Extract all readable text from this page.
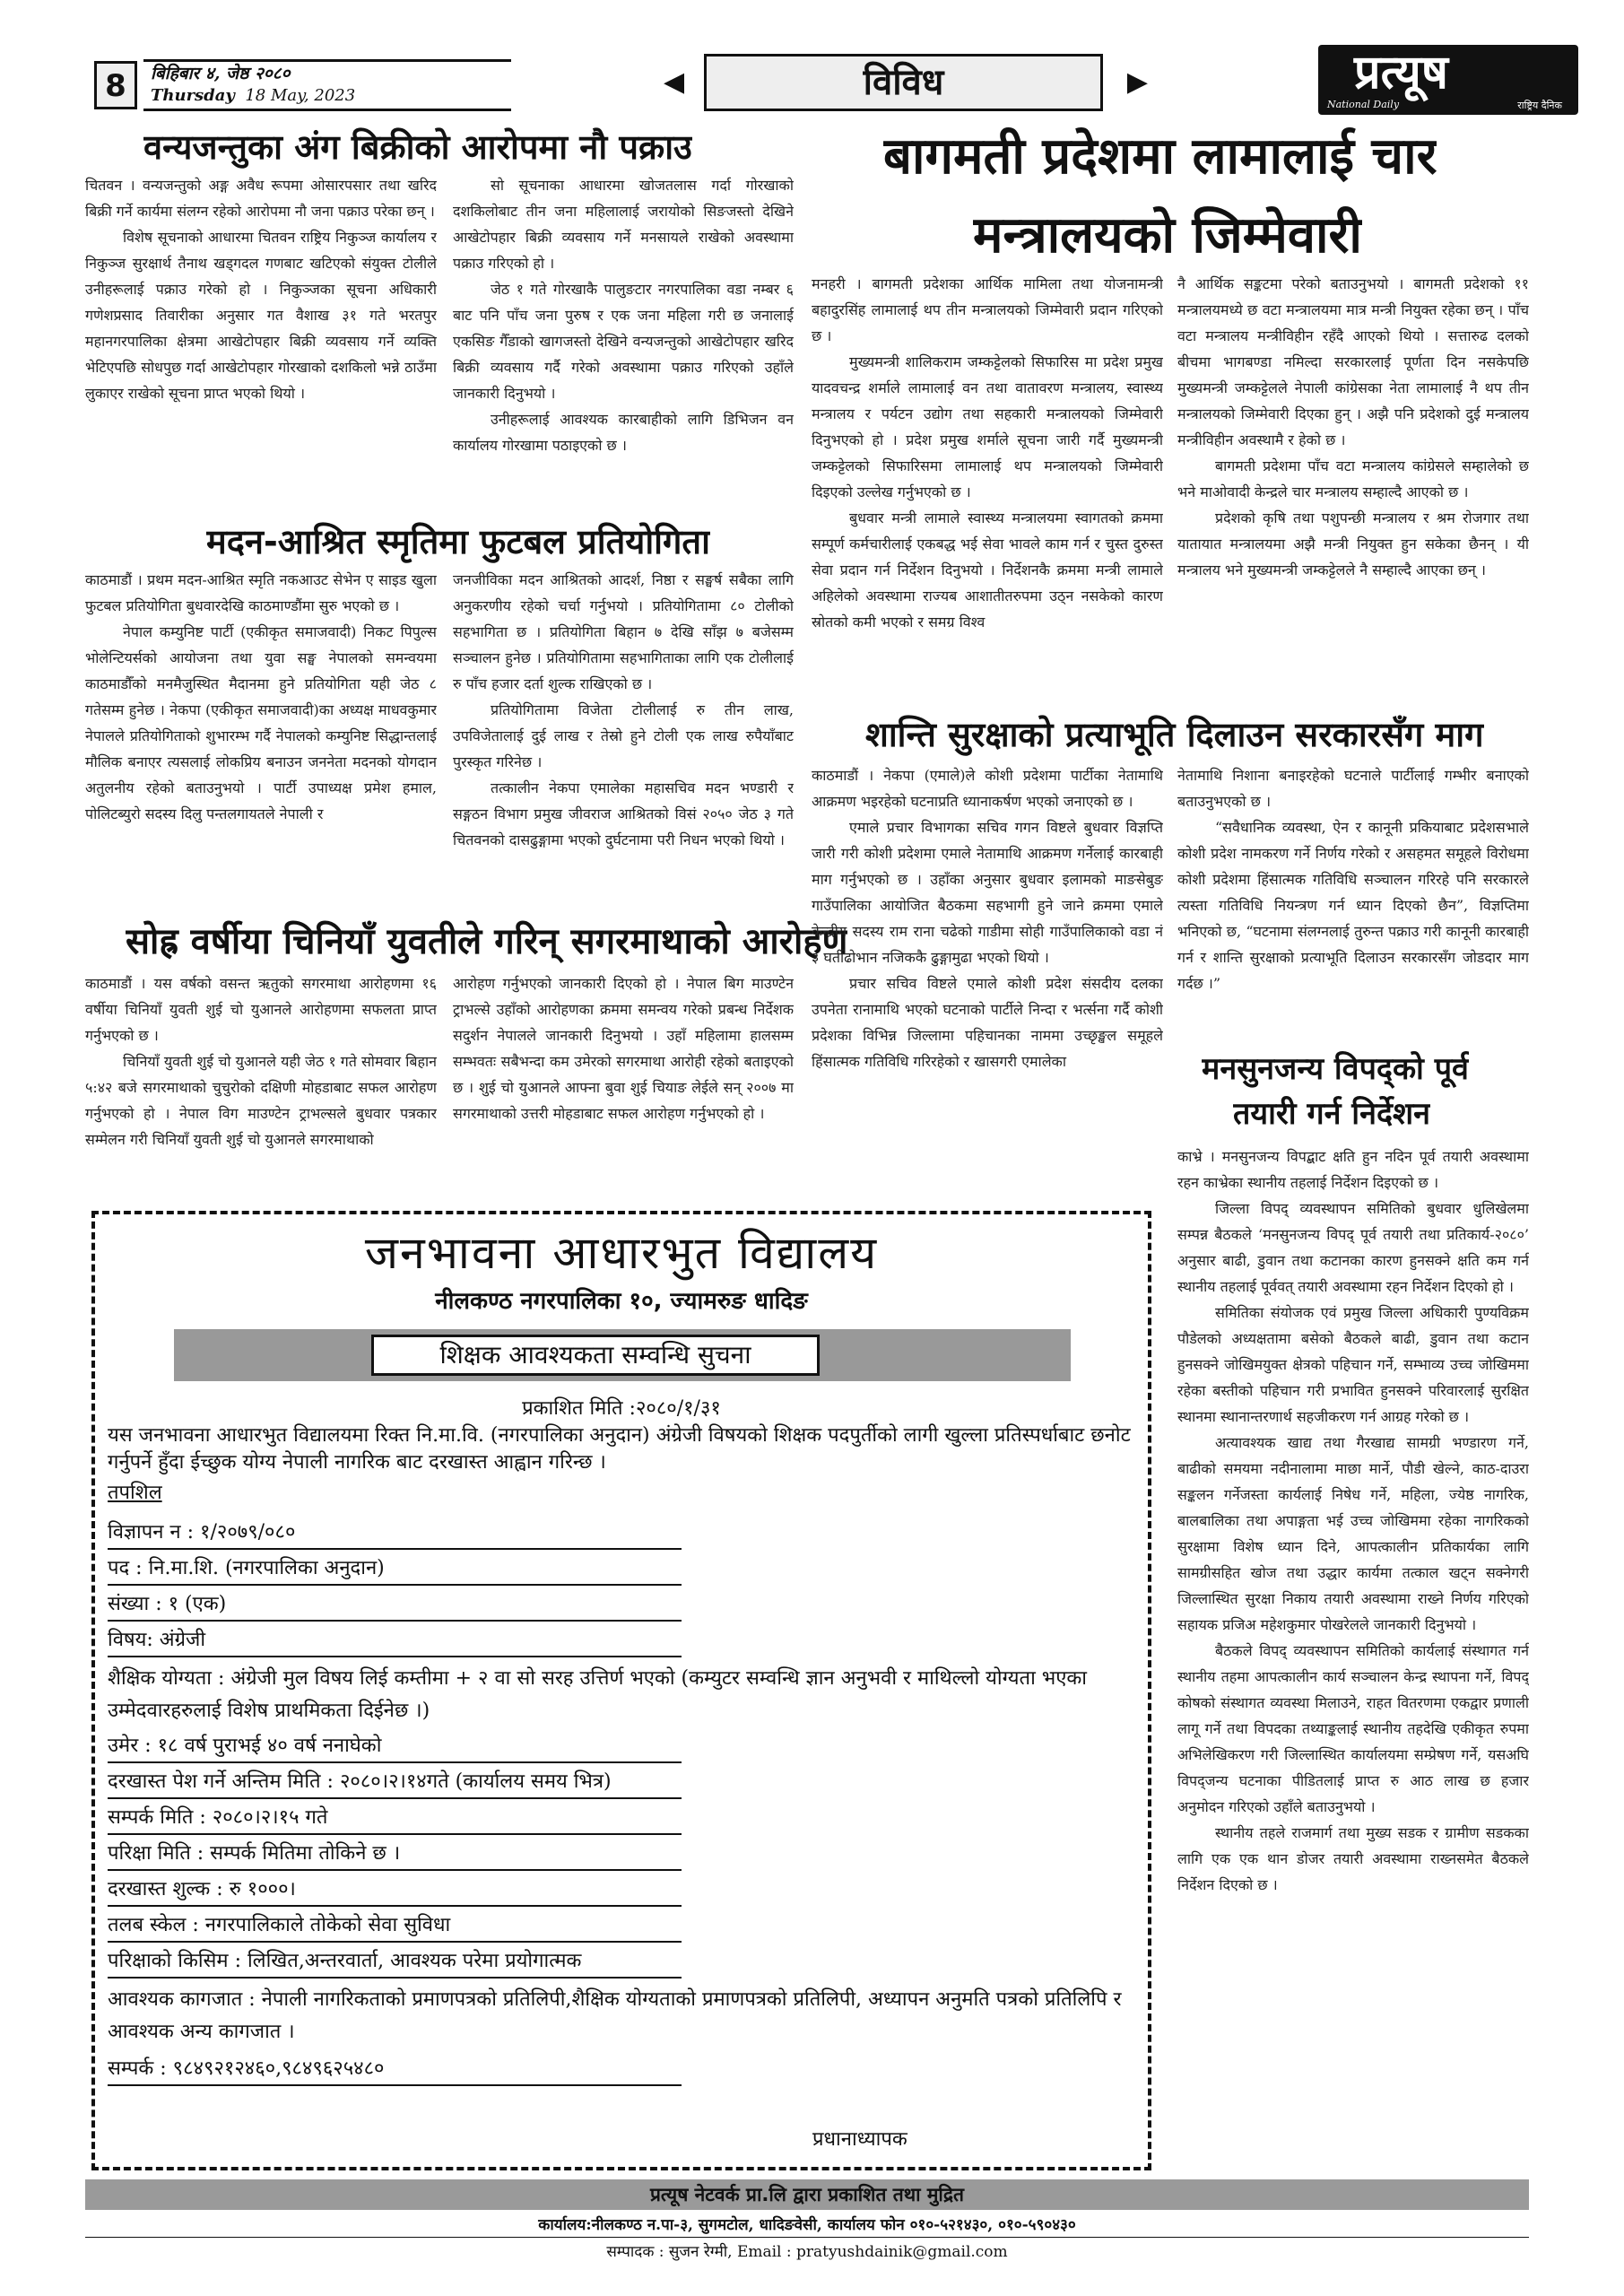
8	बिहिबार ४, जेष्ठ २०८०
Thursday 18 May, 2023	◀	विविध	▶	प्रत्यूष
National Daily	राष्ट्रिय दैनिक
वन्यजन्तुका अंग बिक्रीको आरोपमा नौ पक्राउ
चितवन । वन्यजन्तुको अङ्ग अवैध रूपमा ओसारपसार तथा खरिद बिक्री गर्ने कार्यमा संलग्न रहेको आरोपमा नौ जना पक्राउ परेका छन् ।
विशेष सूचनाको आधारमा चितवन राष्ट्रिय निकुञ्ज कार्यालय र निकुञ्ज सुरक्षार्थ तैनाथ खड्गदल गणबाट खटिएको संयुक्त टोलीले उनीहरूलाई पक्राउ गरेको हो । निकुञ्जका सूचना अधिकारी गणेशप्रसाद तिवारीका अनुसार गत वैशाख ३१ गते भरतपुर महानगरपालिका क्षेत्रमा आखेटोपहार बिक्री व्यवसाय गर्ने व्यक्ति भेटिएपछि सोधपुछ गर्दा आखेटोपहार गोरखाको दशकिलो भन्ने ठाउँमा लुकाएर राखेको सूचना प्राप्त भएको थियो ।
सो सूचनाका आधारमा खोजतलास गर्दा गोरखाको दशकिलोबाट तीन जना महिलालाई जरायोको सिङजस्तो देखिने आखेटोपहार बिक्री व्यवसाय गर्ने मनसायले राखेको अवस्थामा पक्राउ गरिएको हो ।
जेठ १ गते गोरखाकै पालुङटार नगरपालिका वडा नम्बर ६ बाट पनि पाँच जना पुरुष र एक जना महिला गरी छ जनालाई एकसिङ गैँडाको खागजस्तो देखिने वन्यजन्तुको आखेटोपहार खरिद बिक्री व्यवसाय गर्दै गरेको अवस्थामा पक्राउ गरिएको उहाँले जानकारी दिनुभयो ।
उनीहरूलाई आवश्यक कारबाहीको लागि डिभिजन वन कार्यालय गोरखामा पठाइएको छ ।
मदन-आश्रित स्मृतिमा फुटबल प्रतियोगिता
काठमाडौं । प्रथम मदन-आश्रित स्मृति नकआउट सेभेन ए साइड खुला फुटबल प्रतियोगिता बुधवारदेखि काठमाण्डौंमा सुरु भएको छ ।
नेपाल कम्युनिष्ट पार्टी (एकीकृत समाजवादी) निकट पिपुल्स भोलेन्टियर्सको आयोजना तथा युवा सङ्घ नेपालको समन्वयमा काठमाडौँको मनमैजुस्थित मैदानमा हुने प्रतियोगिता यही जेठ ८ गतेसम्म हुनेछ । नेकपा (एकीकृत समाजवादी)का अध्यक्ष माधवकुमार नेपालले प्रतियोगिताको शुभारम्भ गर्दै नेपालको कम्युनिष्ट सिद्धान्तलाई मौलिक बनाएर त्यसलाई लोकप्रिय बनाउन जननेता मदनको योगदान अतुलनीय रहेको बताउनुभयो । पार्टी उपाध्यक्ष प्रमेश हमाल, पोलिटब्युरो सदस्य दिलु पन्तलगायतले नेपाली र
जनजीविका मदन आश्रितको आदर्श, निष्ठा र सङ्घर्ष सबैका लागि अनुकरणीय रहेको चर्चा गर्नुभयो । प्रतियोगितामा ८० टोलीको सहभागिता छ । प्रतियोगिता बिहान ७ देखि साँझ ७ बजेसम्म सञ्चालन हुनेछ । प्रतियोगितामा सहभागिताका लागि एक टोलीलाई रु पाँच हजार दर्ता शुल्क राखिएको छ ।
प्रतियोगितामा विजेता टोलीलाई रु तीन लाख, उपविजेतालाई दुई लाख र तेस्रो हुने टोली एक लाख रुपैयाँबाट पुरस्कृत गरिनेछ ।
तत्कालीन नेकपा एमालेका महासचिव मदन भण्डारी र सङ्गठन विभाग प्रमुख जीवराज आश्रितको विसं २०५० जेठ ३ गते चितवनको दासढुङ्गामा भएको दुर्घटनामा परी निधन भएको थियो ।
सोह्र वर्षीया चिनियाँ युवतीले गरिन् सगरमाथाको आरोहण
काठमाडौं । यस वर्षको वसन्त ऋतुको सगरमाथा आरोहणमा १६ वर्षीया चिनियाँ युवती शुई चो युआनले आरोहणमा सफलता प्राप्त गर्नुभएको छ ।
चिनियाँ युवती शुई चो युआनले यही जेठ १ गते सोमवार बिहान ५:४२ बजे सगरमाथाको चुचुरोको दक्षिणी मोहडाबाट सफल आरोहण गर्नुभएको हो । नेपाल विग माउण्टेन ट्राभल्सले बुधवार पत्रकार सम्मेलन गरी चिनियाँ युवती शुई चो युआनले सगरमाथाको
आरोहण गर्नुभएको जानकारी दिएको हो । नेपाल बिग माउण्टेन ट्राभल्से उहाँको आरोहणका क्रममा समन्वय गरेको प्रबन्ध निर्देशक सदुर्शन नेपालले जानकारी दिनुभयो । उहाँ महिलामा हालसम्म सम्भवतः सबैभन्दा कम उमेरको सगरमाथा आरोही रहेको बताइएको छ । शुई चो युआनले आफ्ना बुवा शुई चियाङ लेईले सन् २००७ मा सगरमाथाको उत्तरी मोहडाबाट सफल आरोहण गर्नुभएको हो ।
बागमती प्रदेशमा लामालाई चार
मन्त्रालयको जिम्मेवारी
मनहरी । बागमती प्रदेशका आर्थिक मामिला तथा योजनामन्त्री बहादुरसिंह लामालाई थप तीन मन्त्रालयको जिम्मेवारी प्रदान गरिएको छ ।
मुख्यमन्त्री शालिकराम जम्कट्टेलको सिफारिस मा प्रदेश प्रमुख यादवचन्द्र शर्माले लामालाई वन तथा वातावरण मन्त्रालय, स्वास्थ्य मन्त्रालय र पर्यटन उद्योग तथा सहकारी मन्त्रालयको जिम्मेवारी दिनुभएको हो । प्रदेश प्रमुख शर्माले सूचना जारी गर्दै मुख्यमन्त्री जम्कट्टेलको सिफारिसमा लामालाई थप मन्त्रालयको जिम्मेवारी दिइएको उल्लेख गर्नुभएको छ ।
बुधवार मन्त्री लामाले स्वास्थ्य मन्त्रालयमा स्वागतको क्रममा सम्पूर्ण कर्मचारीलाई एकबद्ध भई सेवा भावले काम गर्न र चुस्त दुरुस्त सेवा प्रदान गर्न निर्देशन दिनुभयो । निर्देशनकै क्रममा मन्त्री लामाले अहिलेको अवस्थामा राज्यब आशातीतरुपमा उठ्न नसकेको कारण स्रोतको कमी भएको र समग्र विश्व
नै आर्थिक सङ्कटमा परेको बताउनुभयो । बागमती प्रदेशको ११ मन्त्रालयमध्ये छ वटा मन्त्रालयमा मात्र मन्त्री नियुक्त रहेका छन् । पाँच वटा मन्त्रालय मन्त्रीविहीन रहँदै आएको थियो । सत्तारुढ दलको बीचमा भागबण्डा नमिल्दा सरकारलाई पूर्णता दिन नसकेपछि मुख्यमन्त्री जम्कट्टेलले नेपाली कांग्रेसका नेता लामालाई नै थप तीन मन्त्रालयको जिम्मेवारी दिएका हुन् । अझै पनि प्रदेशको दुई मन्त्रालय मन्त्रीविहीन अवस्थामै र हेको छ ।
बागमती प्रदेशमा पाँच वटा मन्त्रालय कांग्रेसले सम्हालेको छ भने माओवादी केन्द्रले चार मन्त्रालय सम्हाल्दै आएको छ ।
प्रदेशको कृषि तथा पशुपन्छी मन्त्रालय र श्रम रोजगार तथा यातायात मन्त्रालयमा अझै मन्त्री नियुक्त हुन सकेका छैनन् । यी मन्त्रालय भने मुख्यमन्त्री जम्कट्टेलले नै सम्हाल्दै आएका छन् ।
शान्ति सुरक्षाको प्रत्याभूति दिलाउन सरकारसँग माग
काठमाडौं । नेकपा (एमाले)ले कोशी प्रदेशमा पार्टीका नेतामाथि आक्रमण भइरहेको घटनाप्रति ध्यानाकर्षण भएको जनाएको छ ।
एमाले प्रचार विभागका सचिव गगन विष्टले बुधवार विज्ञप्ति जारी गरी कोशी प्रदेशमा एमाले नेतामाथि आक्रमण गर्नेलाई कारबाही माग गर्नुभएको छ । उहाँका अनुसार बुधवार इलामको माङसेबुङ गाउँपालिका आयोजित बैठकमा सहभागी हुने जाने क्रममा एमाले केन्द्रीय सदस्य राम राना चढेको गाडीमा सोही गाउँपालिकाको वडा नं ३ घर्तीढोभान नजिककै ढुङ्गामुढा भएको थियो ।
प्रचार सचिव विष्टले एमाले कोशी प्रदेश संसदीय दलका उपनेता रानामाथि भएको घटनाको पार्टीले निन्दा र भर्त्सना गर्दै कोशी प्रदेशका विभिन्न जिल्लामा पहिचानका नाममा उच्छृङ्खल समूहले हिंसात्मक गतिविधि गरिरहेको र खासगरी एमालेका
नेतामाथि निशाना बनाइरहेको घटनाले पार्टीलाई गम्भीर बनाएको बताउनुभएको छ ।
“सवैधानिक व्यवस्था, ऐन र कानूनी प्रकियाबाट प्रदेशसभाले कोशी प्रदेश नामकरण गर्ने निर्णय गरेको र असहमत समूहले विरोधमा कोशी प्रदेशमा हिंसात्मक गतिविधि सञ्चालन गरिरहे पनि सरकारले त्यस्ता गतिविधि नियन्त्रण गर्न ध्यान दिएको छैन”, विज्ञप्तिमा भनिएको छ, “घटनामा संलग्नलाई तुरुन्त पक्राउ गरी कानूनी कारबाही गर्न र शान्ति सुरक्षाको प्रत्याभूति दिलाउन सरकारसँग जोडदार माग गर्दछ ।”
मनसुनजन्य विपद्को पूर्व
तयारी गर्न निर्देशन
काभ्रे । मनसुनजन्य विपद्बाट क्षति हुन नदिन पूर्व तयारी अवस्थामा रहन काभ्रेका स्थानीय तहलाई निर्देशन दिइएको छ ।
जिल्ला विपद् व्यवस्थापन समितिको बुधवार धुलिखेलमा सम्पन्न बैठकले ‘मनसुनजन्य विपद् पूर्व तयारी तथा प्रतिकार्य-२०८०’ अनुसार बाढी, डुवान तथा कटानका कारण हुनसक्ने क्षति कम गर्न स्थानीय तहलाई पूर्ववत् तयारी अवस्थामा रहन निर्देशन दिएको हो ।
समितिका संयोजक एवं प्रमुख जिल्ला अधिकारी पुण्यविक्रम पौडेलको अध्यक्षतामा बसेको बैठकले बाढी, डुवान तथा कटान हुनसक्ने जोखिमयुक्त क्षेत्रको पहिचान गर्ने, सम्भाव्य उच्च जोखिममा रहेका बस्तीको पहिचान गरी प्रभावित हुनसक्ने परिवारलाई सुरक्षित स्थानमा स्थानान्तरणार्थ सहजीकरण गर्न आग्रह गरेको छ ।
अत्यावश्यक खाद्य तथा गैरखाद्य सामग्री भण्डारण गर्ने, बाढीको समयमा नदीनालामा माछा मार्ने, पौडी खेल्ने, काठ-दाउरा सङ्कलन गर्नेजस्ता कार्यलाई निषेध गर्ने, महिला, ज्येष्ठ नागरिक, बालबालिका तथा अपाङ्गता भई उच्च जोखिममा रहेका नागरिकको सुरक्षामा विशेष ध्यान दिने, आपत्कालीन प्रतिकार्यका लागि सामग्रीसहित खोज तथा उद्धार कार्यमा तत्काल खट्न सक्नेगरी जिल्लास्थित सुरक्षा निकाय तयारी अवस्थामा राख्ने निर्णय गरिएको सहायक प्रजिअ महेशकुमार पोखरेलले जानकारी दिनुभयो ।
बैठकले विपद् व्यवस्थापन समितिको कार्यलाई संस्थागत गर्न स्थानीय तहमा आपत्कालीन कार्य सञ्चालन केन्द्र स्थापना गर्ने, विपद् कोषको संस्थागत व्यवस्था मिलाउने, राहत वितरणमा एकद्वार प्रणाली लागू गर्ने तथा विपदका तथ्याङ्कलाई स्थानीय तहदेखि एकीकृत रुपमा अभिलेखिकरण गरी जिल्लास्थित कार्यालयमा सम्प्रेषण गर्ने, यसअघि विपद्जन्य घटनाका पीडितलाई प्राप्त रु आठ लाख छ हजार अनुमोदन गरिएको उहाँले बताउनुभयो ।
स्थानीय तहले राजमार्ग तथा मुख्य सडक र ग्रामीण सडकका लागि एक एक थान डोजर तयारी अवस्थामा राख्नसमेत बैठकले निर्देशन दिएको छ ।
जनभावना आधारभुत विद्यालय
नीलकण्ठ नगरपालिका १०, ज्यामरुङ धादिङ
शिक्षक आवश्यकता सम्वन्धि सुचना
प्रकाशित मिति :२०८०/१/३१
यस जनभावना आधारभुत विद्यालयमा रिक्त नि.मा.वि. (नगरपालिका अनुदान) अंग्रेजी विषयको शिक्षक पदपुर्तीको लागी खुल्ला प्रतिस्पर्धाबाट छनोट गर्नुपर्ने हुँदा ईच्छुक योग्य नेपाली नागरिक बाट दरखास्त आह्वान गरिन्छ ।
तपशिल
विज्ञापन न : १/२०७९/०८०
पद : नि.मा.शि. (नगरपालिका अनुदान)
संख्या : १ (एक)
विषय: अंग्रेजी
शैक्षिक योग्यता : अंग्रेजी मुल विषय लिई कम्तीमा + २ वा सो सरह उत्तिर्ण भएको (कम्युटर सम्वन्धि ज्ञान अनुभवी र माथिल्लो योग्यता भएका उम्मेदवारहरुलाई विशेष प्राथमिकता दिईनेछ ।)
उमेर : १८ वर्ष पुराभई ४० वर्ष ननाघेको
दरखास्त पेश गर्ने अन्तिम मिति : २०८०।२।१४गते (कार्यालय समय भित्र)
सम्पर्क मिति : २०८०।२।१५ गते
परिक्षा मिति : सम्पर्क मितिमा तोकिने छ ।
दरखास्त शुल्क : रु १०००।
तलब स्केल : नगरपालिकाले तोकेको सेवा सुविधा
परिक्षाको किसिम : लिखित,अन्तरवार्ता, आवश्यक परेमा प्रयोगात्मक
आवश्यक कागजात : नेपाली नागरिकताको प्रमाणपत्रको प्रतिलिपी,शैक्षिक योग्यताको प्रमाणपत्रको प्रतिलिपी, अध्यापन अनुमति पत्रको प्रतिलिपि र आवश्यक अन्य कागजात ।
सम्पर्क : ९८४९२१२४६०,९८४९६२५४८०
प्रधानाध्यापक
प्रत्यूष नेटवर्क प्रा.लि द्वारा प्रकाशित तथा मुद्रित
कार्यालय:नीलकण्ठ न.पा-३, सुगमटोल, धादिङवेसी, कार्यालय फोन ०१०-५२१४३०, ०१०-५९०४३०
सम्पादक : सुजन रेग्मी, Email : pratyushdainik@gmail.com
